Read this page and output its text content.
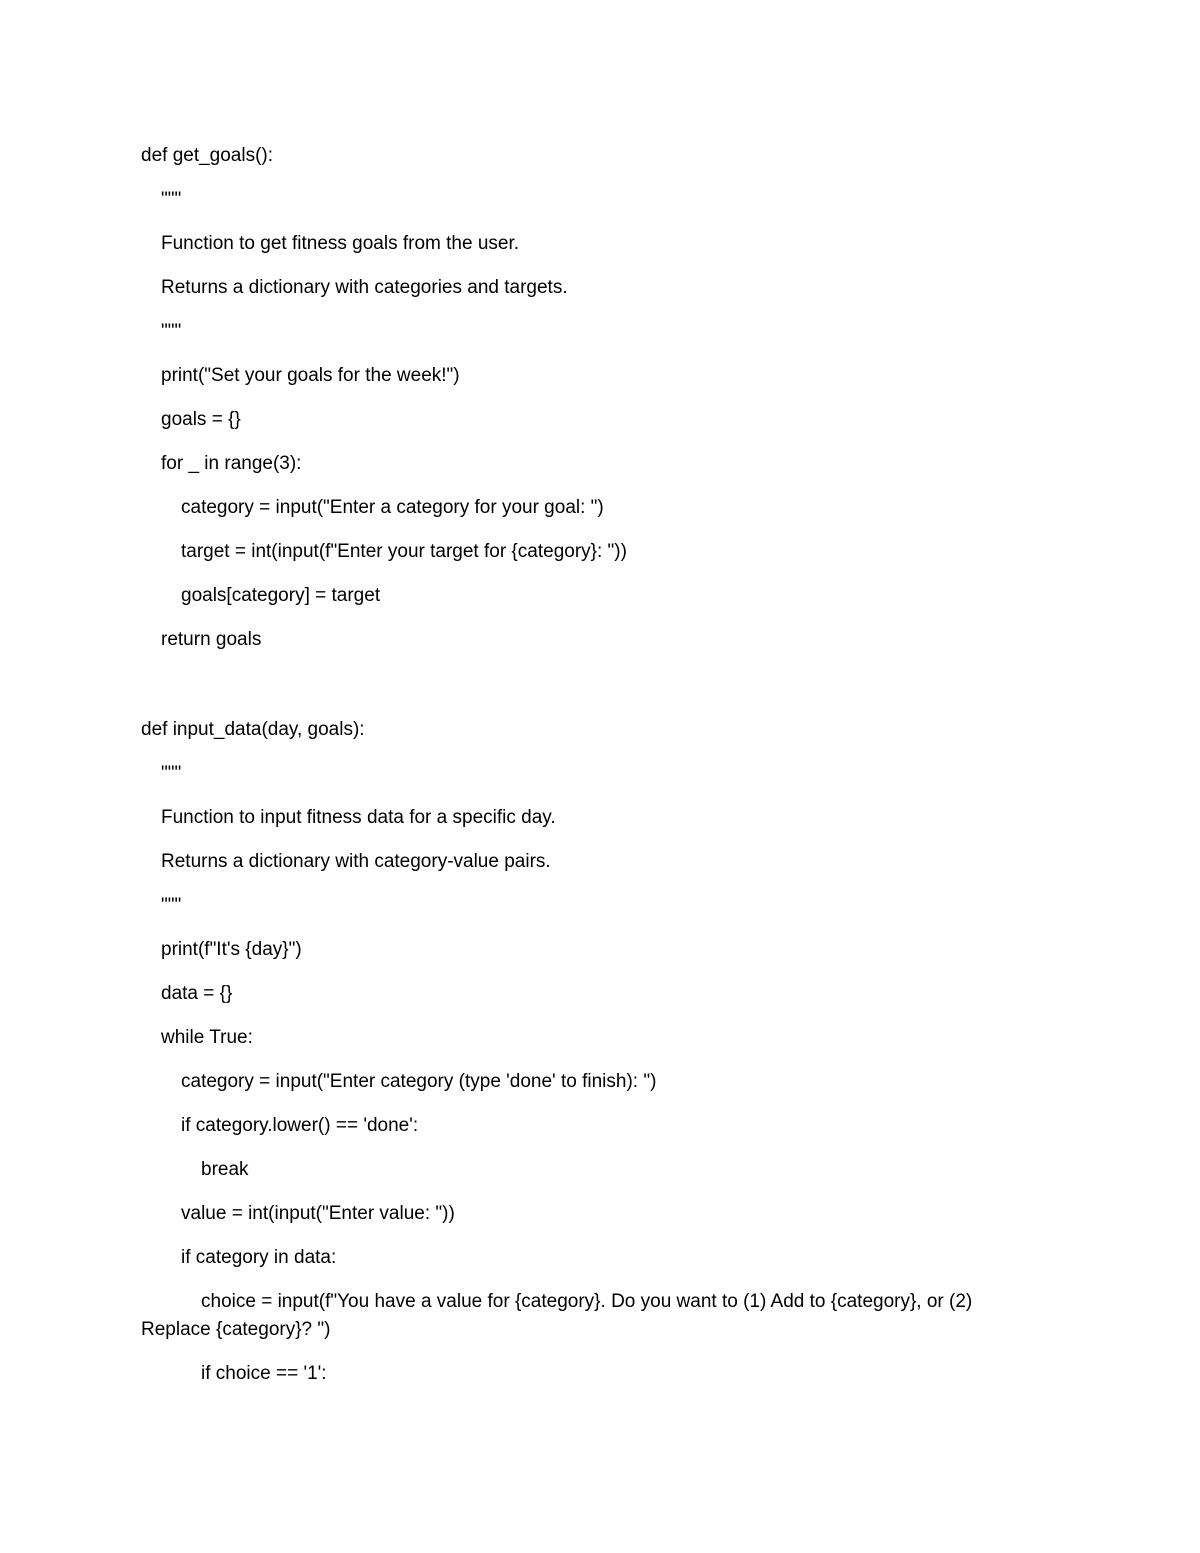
def get_goals():
"""
Function to get fitness goals from the user.
Returns a dictionary with categories and targets.
"""
print("Set your goals for the week!")
goals = {}
for _ in range(3):
category = input("Enter a category for your goal: ")
target = int(input(f"Enter your target for {category}: "))
goals[category] = target
return goals
def input_data(day, goals):
"""
Function to input fitness data for a specific day.
Returns a dictionary with category-value pairs.
"""
print(f"It's {day}")
data = {}
while True:
category = input("Enter category (type 'done' to finish): ")
if category.lower() == 'done':
break
value = int(input("Enter value: "))
if category in data:
choice = input(f"You have a value for {category}. Do you want to (1) Add to {category}, or (2)
Replace {category}? ")
if choice == '1':
